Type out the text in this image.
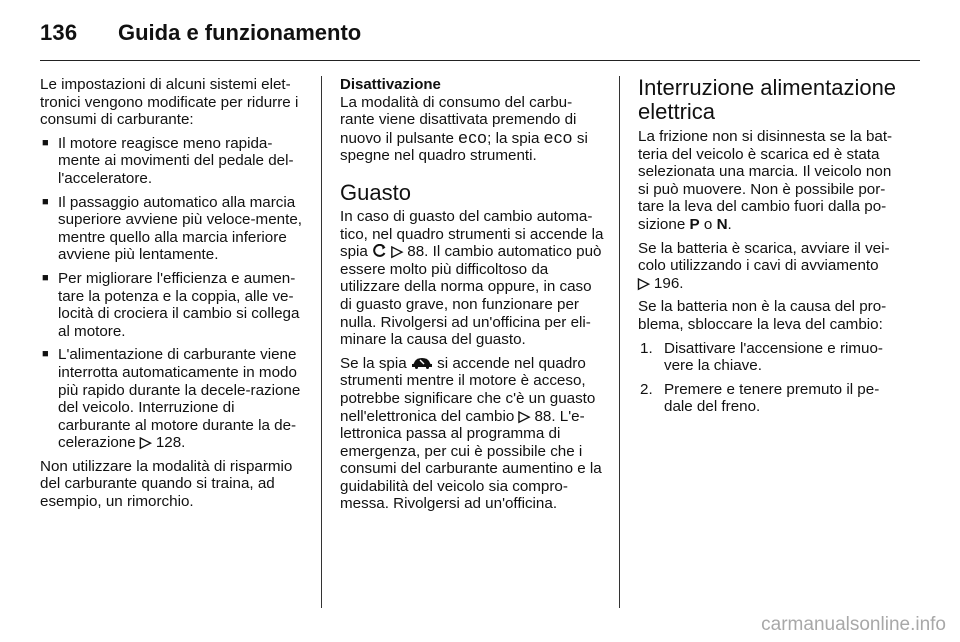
136 Guida e funzionamento

Le impostazioni di alcuni sistemi elet-tronici vengono modificate per ridurre i consumi di carburante:

■ Il motore reagisce meno rapida-mente ai movimenti del pedale del-l'acceleratore.
■ Il passaggio automatico alla marcia superiore avviene più veloce-mente, mentre quello alla marcia inferiore avviene più lentamente.
■ Per migliorare l'efficienza e aumen-tare la potenza e la coppia, alle ve-locità di crociera il cambio si collega al motore.
■ L'alimentazione di carburante viene interrotta automaticamente in modo più rapido durante la decele-razione del veicolo. Interruzione di carburante al motore durante la de-celerazione ▷ 128.

Non utilizzare la modalità di risparmio del carburante quando si traina, ad esempio, un rimorchio.

Disattivazione

La modalità di consumo del carbu-rante viene disattivata premendo di nuovo il pulsante eco; la spia eco si spegne nel quadro strumenti.

Guasto

In caso di guasto del cambio automa-tico, nel quadro strumenti si accende la spia ▷ 88. Il cambio automatico può essere molto più difficoltoso da utilizzare della norma oppure, in caso di guasto grave, non funzionare per nulla. Rivolgersi ad un'officina per eli-minare la causa del guasto.

Se la spia si accende nel quadro strumenti mentre il motore è acceso, potrebbe significare che c'è un guasto nell'elettronica del cambio ▷ 88. L'e-lettronica passa al programma di emergenza, per cui è possibile che i consumi del carburante aumentino e la guidabilità del veicolo sia compro-messa. Rivolgersi ad un'officina.

Interruzione alimentazione elettrica

La frizione non si disinnesta se la bat-teria del veicolo è scarica ed è stata selezionata una marcia. Il veicolo non si può muovere. Non è possibile por-tare la leva del cambio fuori dalla po-sizione P o N.

Se la batteria è scarica, avviare il vei-colo utilizzando i cavi di avviamento
▷ 196.

Se la batteria non è la causa del pro-blema, sbloccare la leva del cambio:

1. Disattivare l'accensione e rimuo-vere la chiave.
2. Premere e tenere premuto il pe-dale del freno.
carmanualsonline.info
